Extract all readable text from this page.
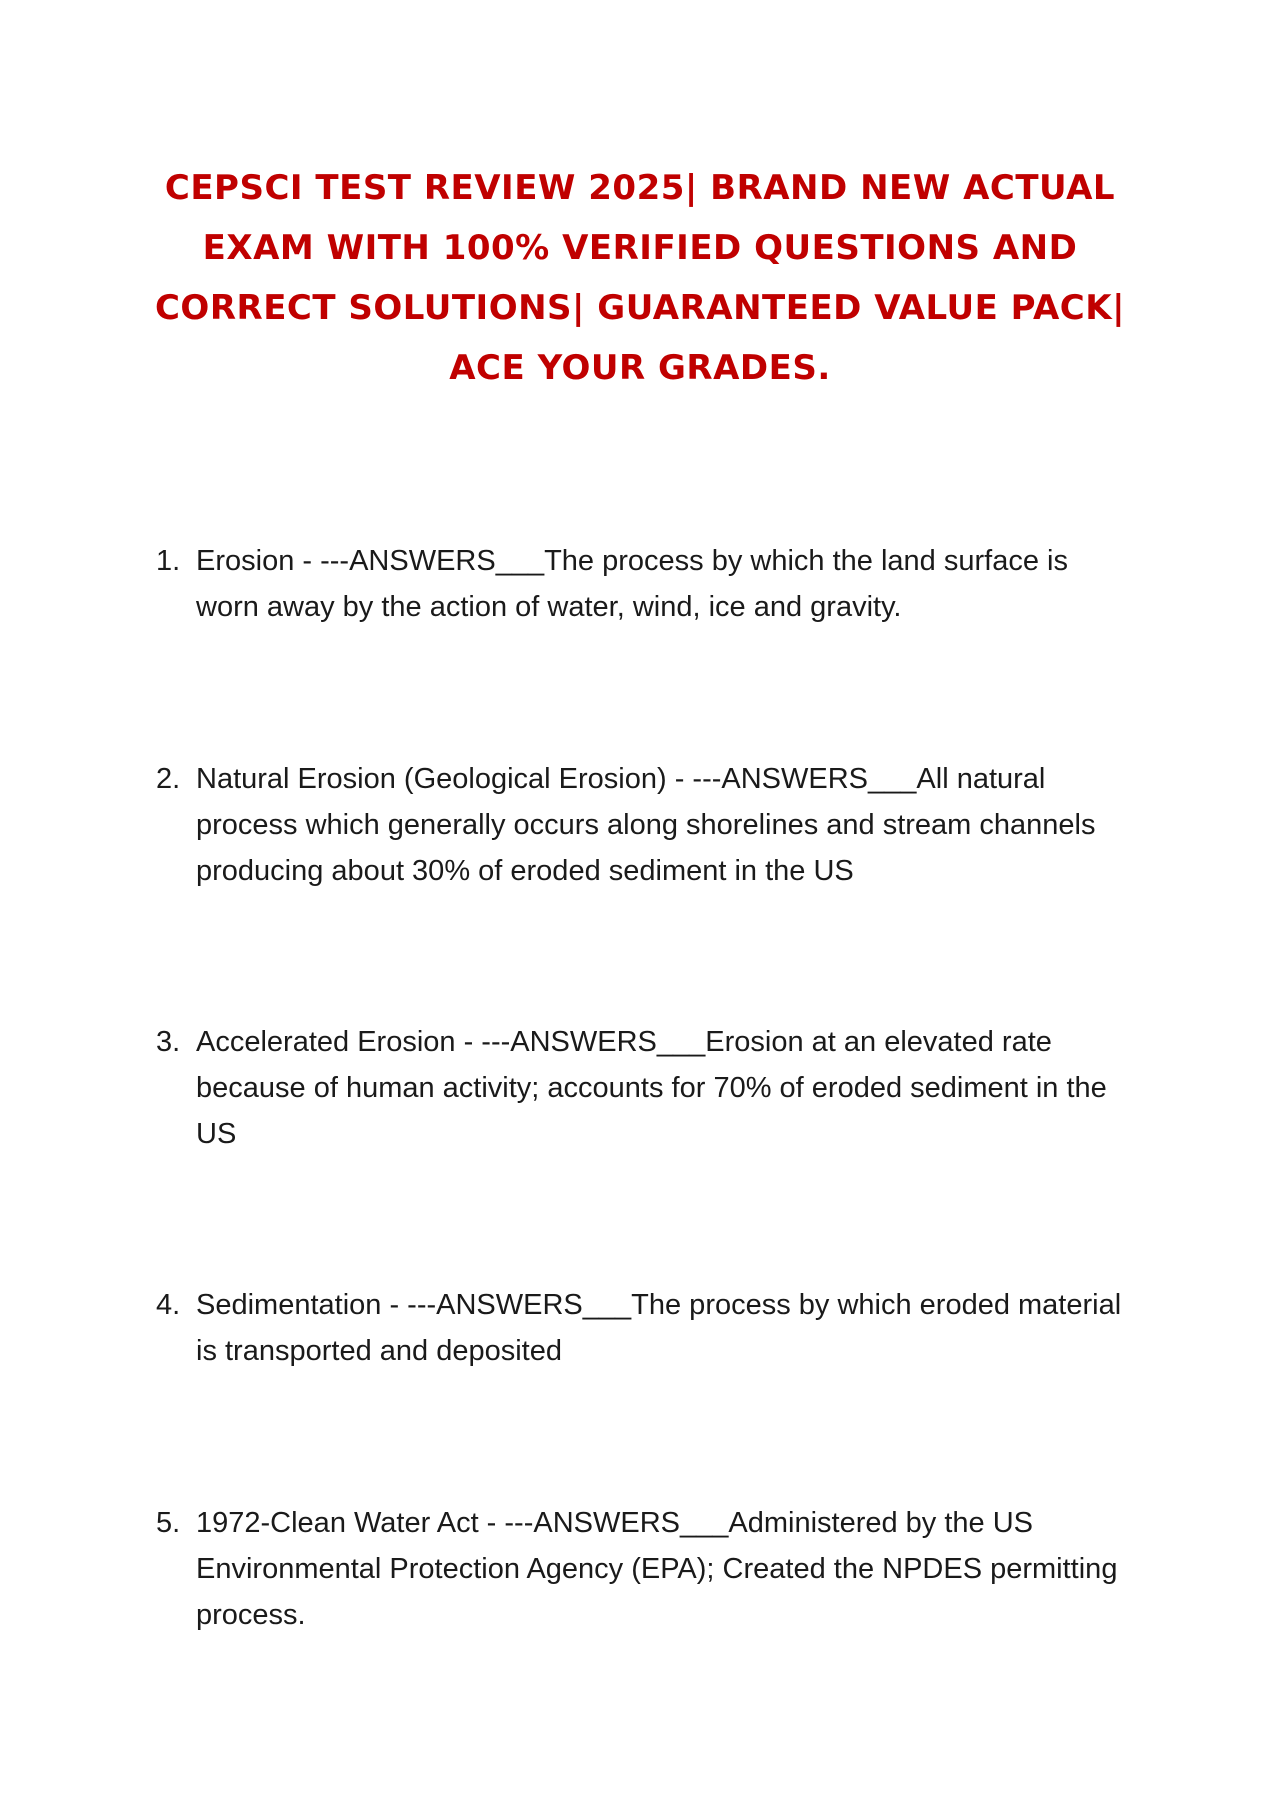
CEPSCI TEST REVIEW 2025| BRAND NEW ACTUAL EXAM WITH 100% VERIFIED QUESTIONS AND CORRECT SOLUTIONS| GUARANTEED VALUE PACK| ACE YOUR GRADES.
1. Erosion - ---ANSWERS___The process by which the land surface is worn away by the action of water, wind, ice and gravity.
2. Natural Erosion (Geological Erosion) - ---ANSWERS___All natural process which generally occurs along shorelines and stream channels producing about 30% of eroded sediment in the US
3. Accelerated Erosion - ---ANSWERS___Erosion at an elevated rate because of human activity; accounts for 70% of eroded sediment in the US
4. Sedimentation - ---ANSWERS___The process by which eroded material is transported and deposited
5. 1972-Clean Water Act - ---ANSWERS___Administered by the US Environmental Protection Agency (EPA); Created the NPDES permitting process.
